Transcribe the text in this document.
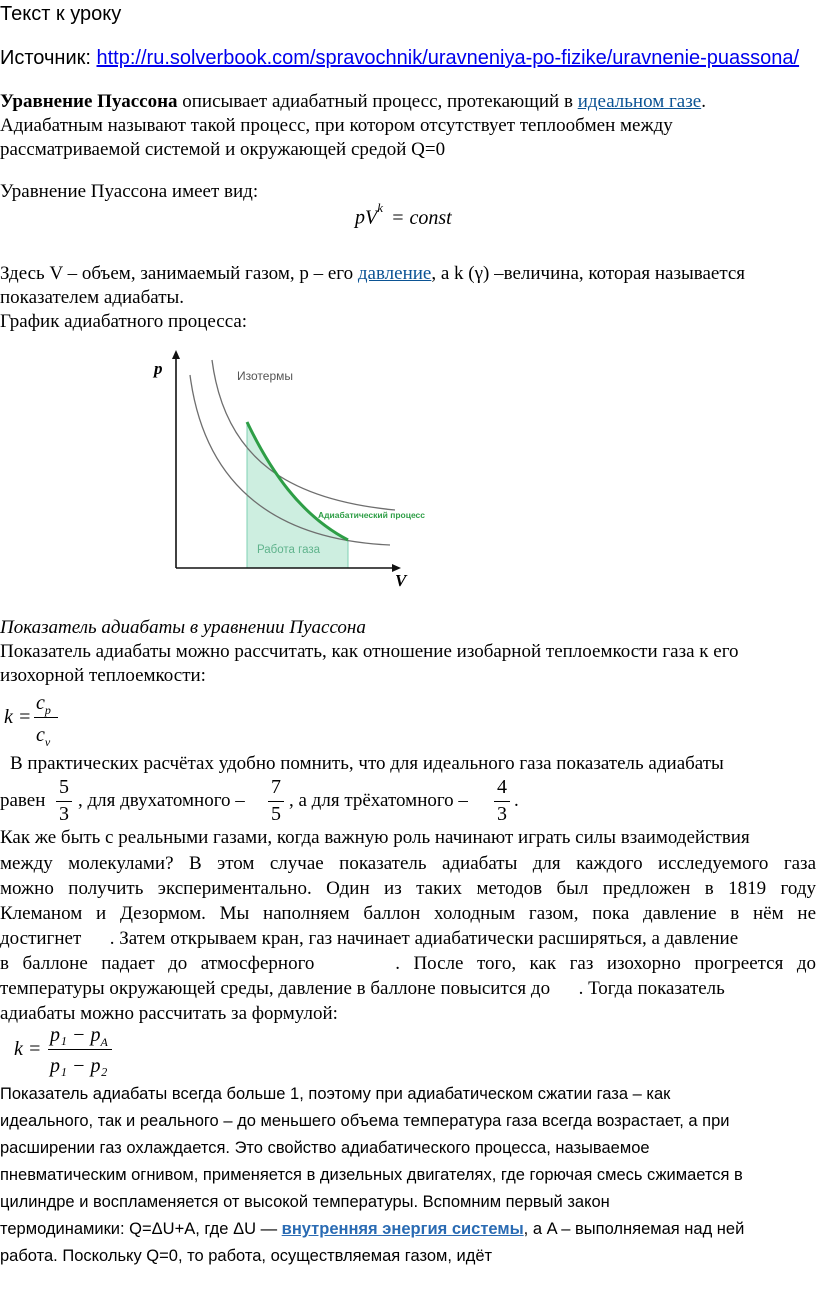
Текст к уроку
Источник: http://ru.solverbook.com/spravochnik/uravneniya-po-fizike/uravnenie-puassona/
Уравнение Пуассона описывает адиабатный процесс, протекающий в идеальном газе.
Адиабатным называют такой процесс, при котором отсутствует теплообмен между
рассматриваемой системой и окружающей средой Q=0
Уравнение Пуассона имеет вид:
$pV^k$ = const
Здесь V – объем, занимаемый газом, p – его давление, а k (γ) –величина, которая называется
показателем адиабаты.
График адиабатного процесса:
p
V
Изотермы
Адиабатический процесс
Работа газа
Показатель адиабаты в уравнении Пуассона
Показатель адиабаты можно рассчитать, как отношение изобарной теплоемкости газа к его
изохорной теплоемкости:
k =
$c_p$
$c_v$
В практических расчётах удобно помнить, что для идеального газа показатель адиабаты
равен
5
3
, для двухатомного –
7
5
, а для трёхатомного –
4
3
.
Как же быть с реальными газами, когда важную роль начинают играть силы взаимодействия
между молекулами? В этом случае показатель адиабаты для каждого исследуемого газа
можно получить экспериментально. Один из таких методов был предложен в 1819 году
Клеманом и Дезормом. Мы наполняем баллон холодным газом, пока давление в нём не
достигнет      . Затем открываем кран, газ начинает адиабатически расширяться, а давление
в баллоне падает до атмосферного      . После того, как газ изохорно прогреется до
температуры окружающей среды, давление в баллоне повысится до      . Тогда показатель
адиабаты можно рассчитать за формулой:
k =
$p_1 - p_A$
p₁ − p₂
Показатель адиабаты всегда больше 1, поэтому при адиабатическом сжатии газа – как
идеального, так и реального – до меньшего объема температура газа всегда возрастает, а при
расширении газ охлаждается. Это свойство адиабатического процесса, называемое
пневматическим огнивом, применяется в дизельных двигателях, где горючая смесь сжимается в
цилиндре и воспламеняется от высокой температуры. Вспомним первый закон
термодинамики: Q=ΔU+A, где ΔU — внутренняя энергия системы, а A – выполняемая над ней
работа. Поскольку Q=0, то работа, осуществляемая газом, идёт
